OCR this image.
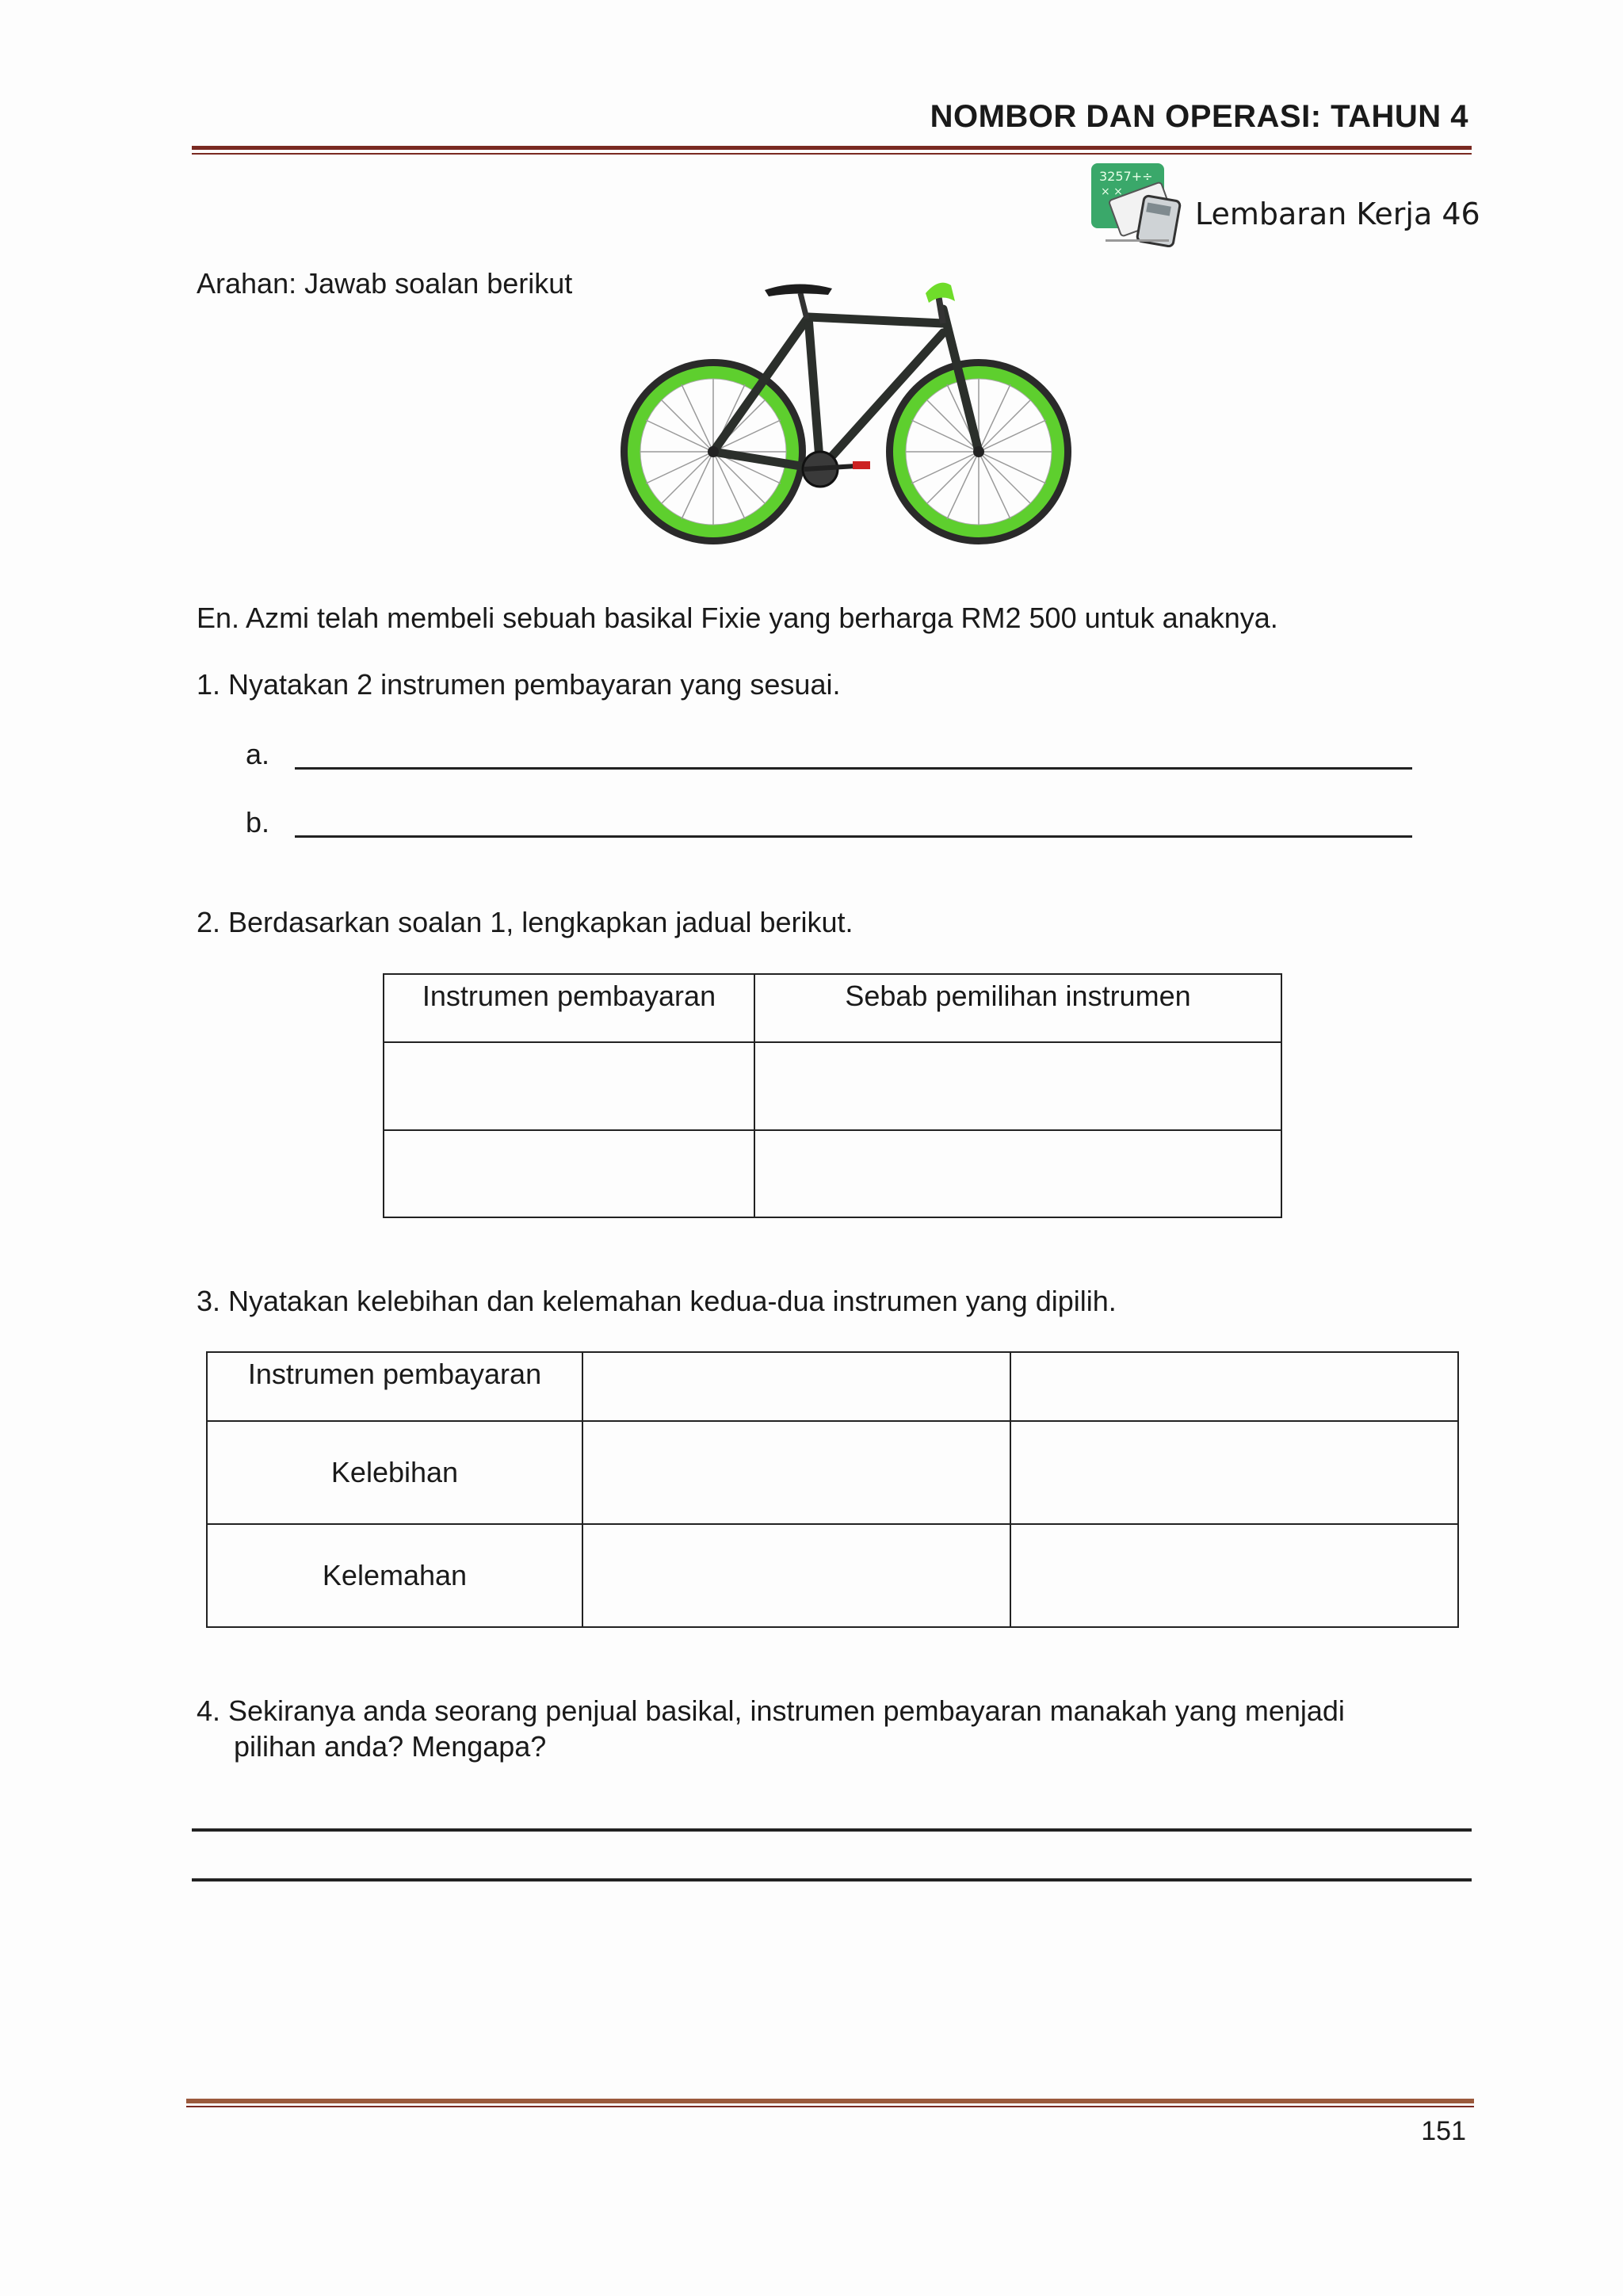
NOMBOR DAN OPERASI: TAHUN 4
3257+÷
× ×
Lembaran Kerja 46
Arahan: Jawab soalan berikut
En. Azmi telah membeli sebuah basikal Fixie yang berharga RM2 500 untuk anaknya.
1. Nyatakan 2 instrumen pembayaran yang sesuai.
a.
b.
2. Berdasarkan soalan 1, lengkapkan jadual berikut.
Instrumen pembayaran	Sebab pemilihan instrumen

3. Nyatakan kelebihan dan kelemahan kedua-dua instrumen yang dipilih.
Instrumen pembayaran		
Kelebihan		
Kelemahan		
4. Sekiranya anda seorang penjual basikal, instrumen pembayaran manakah yang menjadi
pilihan anda? Mengapa?
151
